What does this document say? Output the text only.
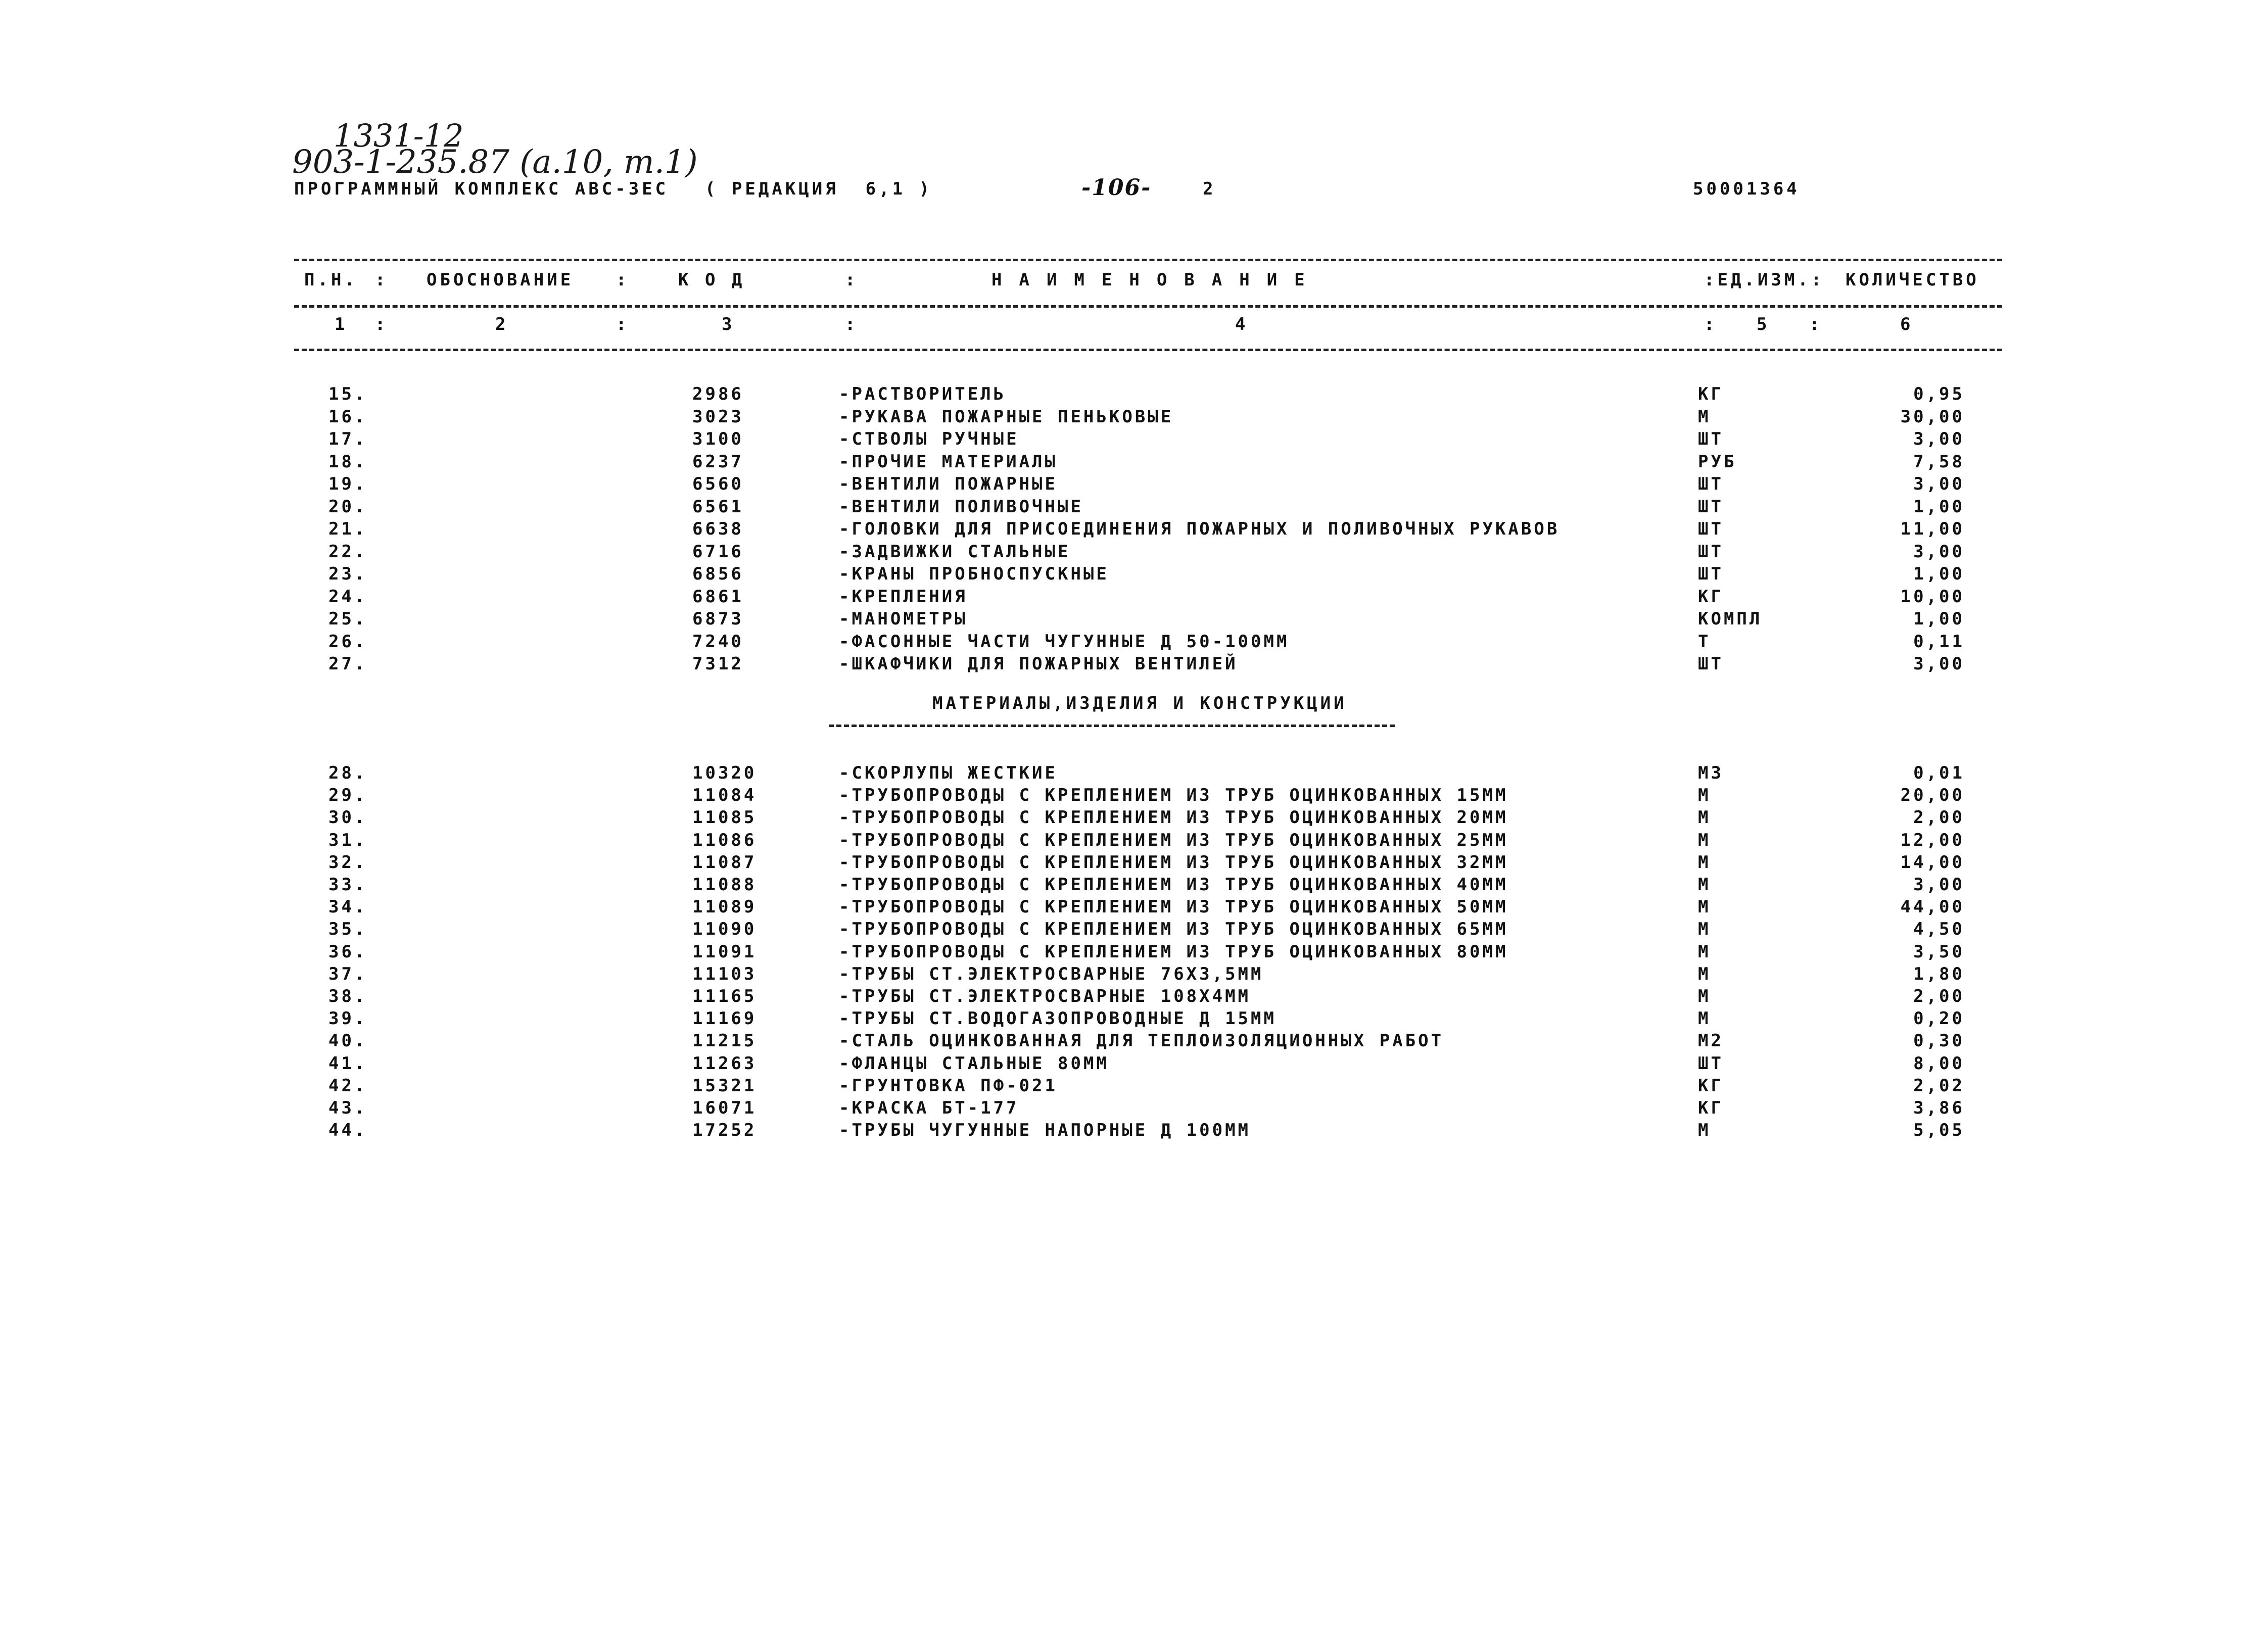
1331-12
903-1-235.87 (а.10, т.1)
ПРОГРАММНЫЙ КОМПЛЕКС АВС-ЗЕС ( РЕДАКЦИЯ  6,1 )	-106-	2	50001364
П.Н. : ОБОСНОВАНИЕ :	К О Д	:	НАИМЕНОВАНИЕ	:ЕД.ИЗМ.: КОЛИЧЕСТВО
1 :	2	:	3	:	4	: 5 :	6
15.	2986	-РАСТВОРИТЕЛЬ	КГ	0,95
16.	3023	-РУКАВА ПОЖАРНЫЕ ПЕНЬКОВЫЕ	М	30,00
17.	3100	-СТВОЛЫ РУЧНЫЕ	ШТ	3,00
18.	6237	-ПРОЧИЕ МАТЕРИАЛЫ	РУБ	7,58
19.	6560	-ВЕНТИЛИ ПОЖАРНЫЕ	ШТ	3,00
20.	6561	-ВЕНТИЛИ ПОЛИВОЧНЫЕ	ШТ	1,00
21.	6638	-ГОЛОВКИ ДЛЯ ПРИСОЕДИНЕНИЯ ПОЖАРНЫХ И ПОЛИВОЧНЫХ РУКАВОВ	ШТ	11,00
22.	6716	-ЗАДВИЖКИ СТАЛЬНЫЕ	ШТ	3,00
23.	6856	-КРАНЫ ПРОБНОСПУСКНЫЕ	ШТ	1,00
24.	6861	-КРЕПЛЕНИЯ	КГ	10,00
25.	6873	-МАНОМЕТРЫ	КОМПЛ	1,00
26.	7240	-ФАСОННЫЕ ЧАСТИ ЧУГУННЫЕ Д 50-100ММ	Т	0,11
27.	7312	-ШКАФЧИКИ ДЛЯ ПОЖАРНЫХ ВЕНТИЛЕЙ	ШТ	3,00
МАТЕРИАЛЫ,ИЗДЕЛИЯ И КОНСТРУКЦИИ
28.	10320	-СКОРЛУПЫ ЖЕСТКИЕ	М3	0,01
29.	11084	-ТРУБОПРОВОДЫ С КРЕПЛЕНИЕМ ИЗ ТРУБ ОЦИНКОВАННЫХ 15ММ	М	20,00
30.	11085	-ТРУБОПРОВОДЫ С КРЕПЛЕНИЕМ ИЗ ТРУБ ОЦИНКОВАННЫХ 20ММ	М	2,00
31.	11086	-ТРУБОПРОВОДЫ С КРЕПЛЕНИЕМ ИЗ ТРУБ ОЦИНКОВАННЫХ 25ММ	М	12,00
32.	11087	-ТРУБОПРОВОДЫ С КРЕПЛЕНИЕМ ИЗ ТРУБ ОЦИНКОВАННЫХ 32ММ	М	14,00
33.	11088	-ТРУБОПРОВОДЫ С КРЕПЛЕНИЕМ ИЗ ТРУБ ОЦИНКОВАННЫХ 40ММ	М	3,00
34.	11089	-ТРУБОПРОВОДЫ С КРЕПЛЕНИЕМ ИЗ ТРУБ ОЦИНКОВАННЫХ 50ММ	М	44,00
35.	11090	-ТРУБОПРОВОДЫ С КРЕПЛЕНИЕМ ИЗ ТРУБ ОЦИНКОВАННЫХ 65ММ	М	4,50
36.	11091	-ТРУБОПРОВОДЫ С КРЕПЛЕНИЕМ ИЗ ТРУБ ОЦИНКОВАННЫХ 80ММ	М	3,50
37.	11103	-ТРУБЫ СТ.ЭЛЕКТРОСВАРНЫЕ 76Х3,5ММ	М	1,80
38.	11165	-ТРУБЫ СТ.ЭЛЕКТРОСВАРНЫЕ 108Х4ММ	М	2,00
39.	11169	-ТРУБЫ СТ.ВОДОГАЗОПРОВОДНЫЕ Д 15ММ	М	0,20
40.	11215	-СТАЛЬ ОЦИНКОВАННАЯ ДЛЯ ТЕПЛОИЗОЛЯЦИОННЫХ РАБОТ	М2	0,30
41.	11263	-ФЛАНЦЫ СТАЛЬНЫЕ 80ММ	ШТ	8,00
42.	15321	-ГРУНТОВКА ПФ-021	КГ	2,02
43.	16071	-КРАСКА БТ-177	КГ	3,86
44.	17252	-ТРУБЫ ЧУГУННЫЕ НАПОРНЫЕ Д 100ММ	М	5,05
